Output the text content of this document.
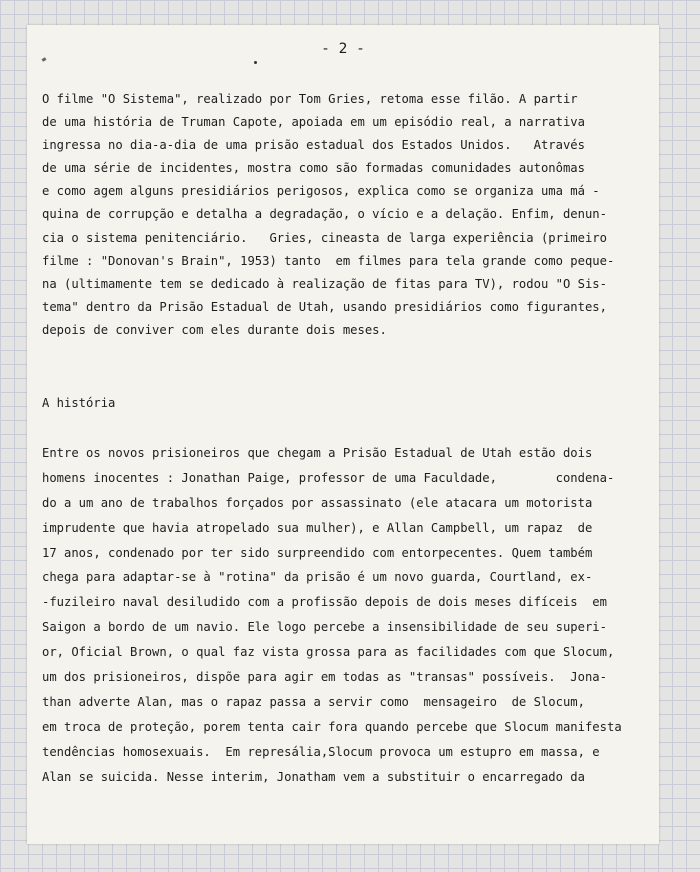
- 2 -
O filme "O Sistema", realizado por Tom Gries, retoma esse filão. A partir
de uma história de Truman Capote, apoiada em um episódio real, a narrativa
ingressa no dia-a-dia de uma prisão estadual dos Estados Unidos.   Através
de uma série de incidentes, mostra como são formadas comunidades autonômas
e como agem alguns presidiários perigosos, explica como se organiza uma má -
quina de corrupção e detalha a degradação, o vício e a delação. Enfim, denun-
cia o sistema penitenciário.   Gries, cineasta de larga experiência (primeiro
filme : "Donovan's Brain", 1953) tanto  em filmes para tela grande como peque-
na (ultimamente tem se dedicado à realização de fitas para TV), rodou "O Sis-
tema" dentro da Prisão Estadual de Utah, usando presidiários como figurantes,
depois de conviver com eles durante dois meses.
A história
Entre os novos prisioneiros que chegam a Prisão Estadual de Utah estão dois
homens inocentes : Jonathan Paige, professor de uma Faculdade,        condena-
do a um ano de trabalhos forçados por assassinato (ele atacara um motorista
imprudente que havia atropelado sua mulher), e Allan Campbell, um rapaz  de
17 anos, condenado por ter sido surpreendido com entorpecentes. Quem também
chega para adaptar-se à "rotina" da prisão é um novo guarda, Courtland, ex-
-fuzileiro naval desiludido com a profissão depois de dois meses difíceis  em
Saigon a bordo de um navio. Ele logo percebe a insensibilidade de seu superi-
or, Oficial Brown, o qual faz vista grossa para as facilidades com que Slocum,
um dos prisioneiros, dispõe para agir em todas as "transas" possíveis.  Jona-
than adverte Alan, mas o rapaz passa a servir como  mensageiro  de Slocum,
em troca de proteção, porem tenta cair fora quando percebe que Slocum manifesta
tendências homosexuais.  Em represália,Slocum provoca um estupro em massa, e
Alan se suicida. Nesse interim, Jonatham vem a substituir o encarregado da
